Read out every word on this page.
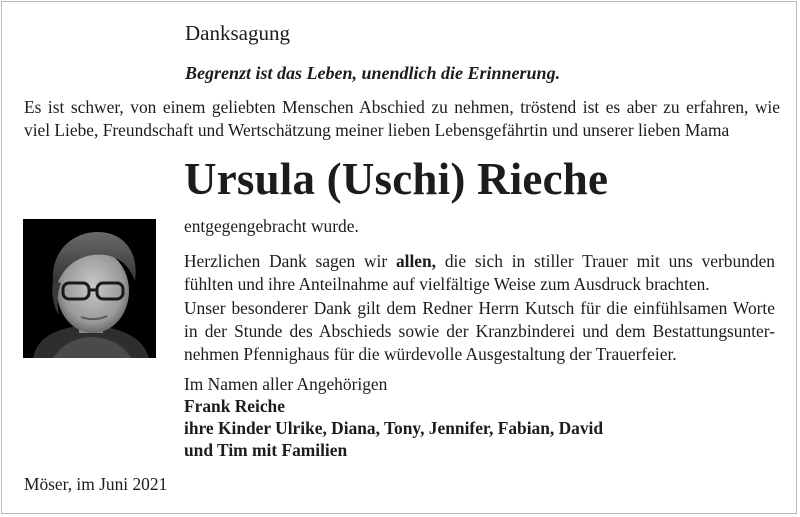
Danksagung
Begrenzt ist das Leben, unendlich die Erinnerung.
Es ist schwer, von einem geliebten Menschen Abschied zu nehmen, tröstend ist es aber zu erfahren, wie
viel Liebe, Freundschaft und Wertschätzung meiner lieben Lebensgefährtin und unserer lieben Mama
Ursula (Uschi) Rieche
entgegengebracht wurde.
Herzlichen Dank sagen wir allen, die sich in stiller Trauer mit uns verbunden
fühlten und ihre Anteilnahme auf vielfältige Weise zum Ausdruck brachten.
Unser besonderer Dank gilt dem Redner Herrn Kutsch für die einfühlsamen Worte
in der Stunde des Abschieds sowie der Kranzbinderei und dem Bestattungsunter-
nehmen Pfennighaus für die würdevolle Ausgestaltung der Trauerfeier.
Im Namen aller Angehörigen
Frank Reiche
ihre Kinder Ulrike, Diana, Tony, Jennifer, Fabian, David
und Tim mit Familien
Möser, im Juni 2021
